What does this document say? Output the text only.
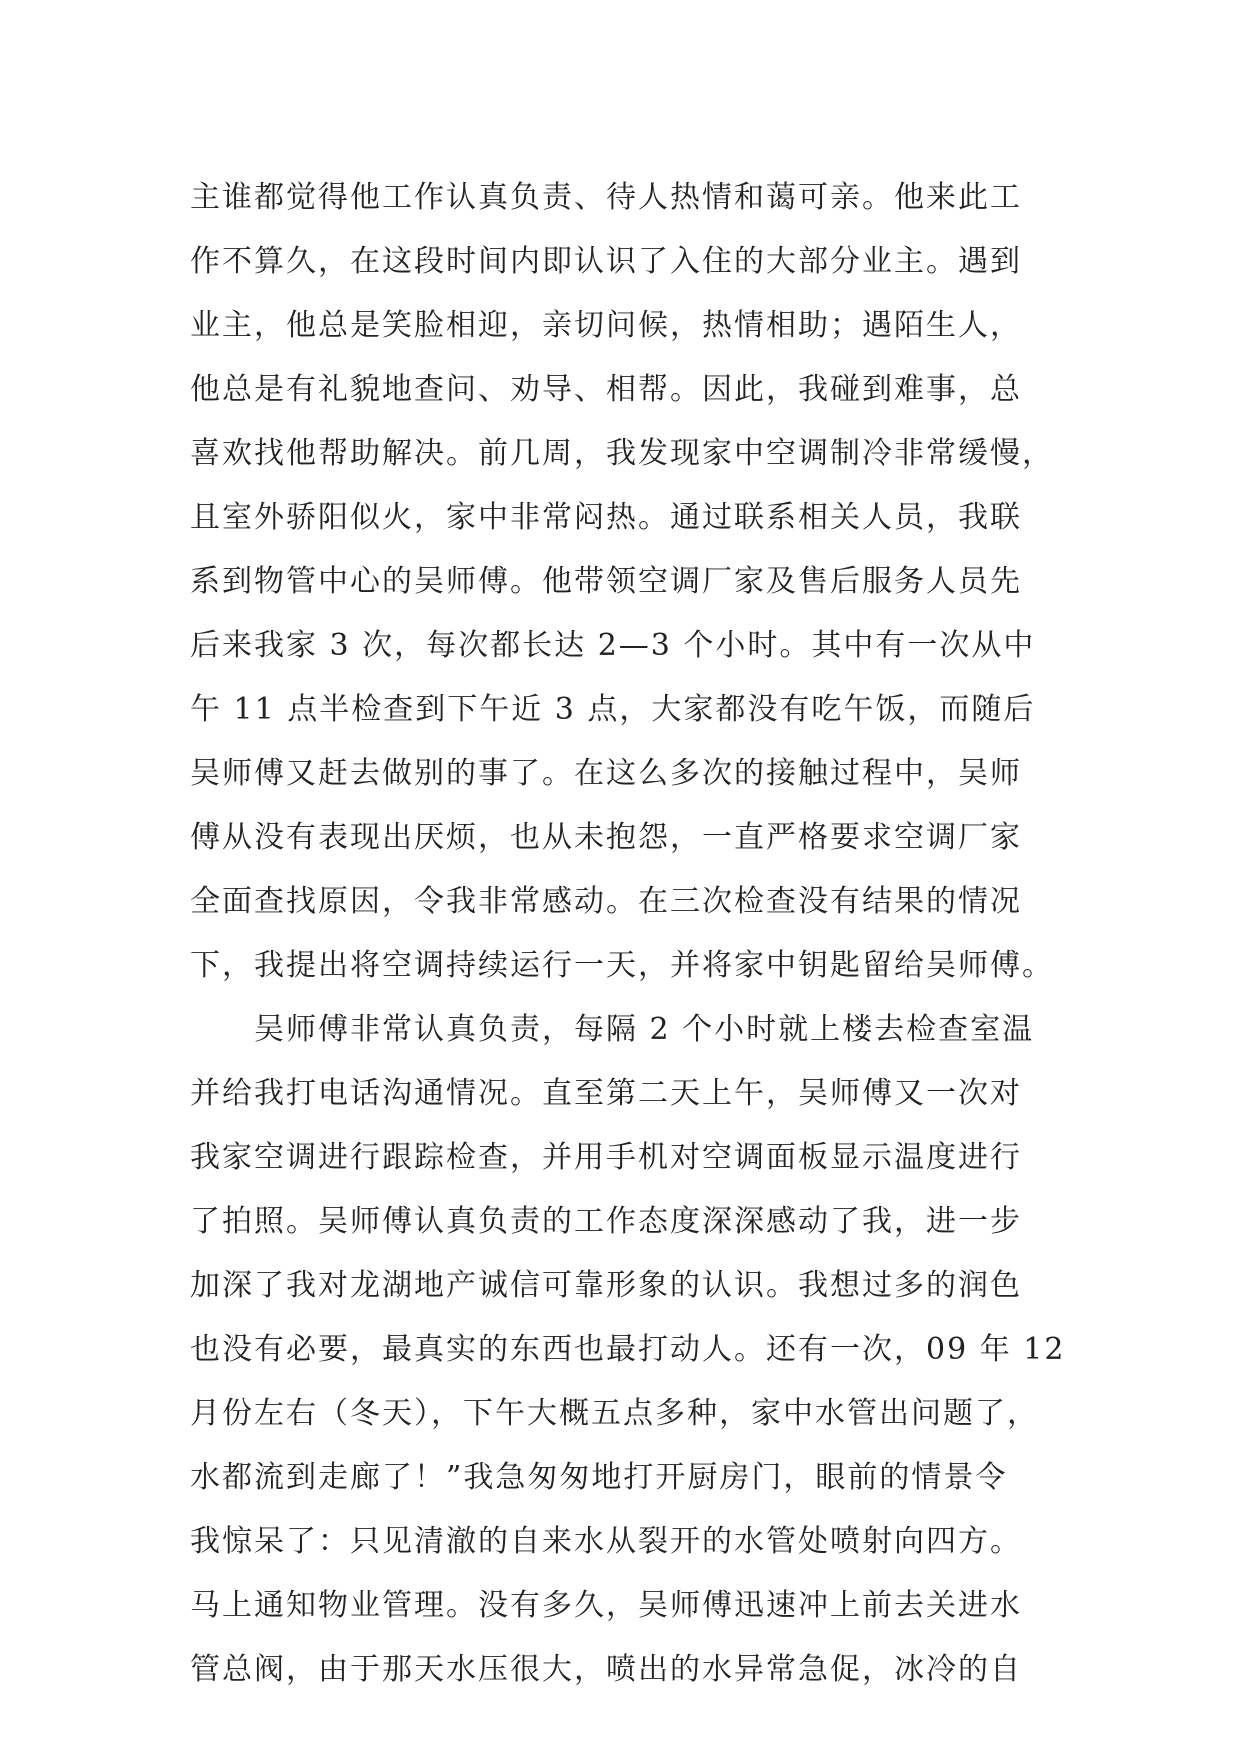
主谁都觉得他工作认真负责、待人热情和蔼可亲。他来此工
作不算久，在这段时间内即认识了入住的大部分业主。遇到
业主，他总是笑脸相迎，亲切问候，热情相助；遇陌生人，
他总是有礼貌地查问、劝导、相帮。因此，我碰到难事，总
喜欢找他帮助解决。前几周，我发现家中空调制冷非常缓慢，
且室外骄阳似火，家中非常闷热。通过联系相关人员，我联
系到物管中心的吴师傅。他带领空调厂家及售后服务人员先
后来我家 3 次，每次都长达 2—3 个小时。其中有一次从中
午 11 点半检查到下午近 3 点，大家都没有吃午饭，而随后
吴师傅又赶去做别的事了。在这么多次的接触过程中，吴师
傅从没有表现出厌烦，也从未抱怨，一直严格要求空调厂家
全面查找原因，令我非常感动。在三次检查没有结果的情况
下，我提出将空调持续运行一天，并将家中钥匙留给吴师傅。
　　吴师傅非常认真负责，每隔 2 个小时就上楼去检查室温
并给我打电话沟通情况。直至第二天上午，吴师傅又一次对
我家空调进行跟踪检查，并用手机对空调面板显示温度进行
了拍照。吴师傅认真负责的工作态度深深感动了我，进一步
加深了我对龙湖地产诚信可靠形象的认识。我想过多的润色
也没有必要，最真实的东西也最打动人。还有一次，09 年 12
月份左右（冬天），下午大概五点多种，家中水管出问题了，
水都流到走廊了！”我急匆匆地打开厨房门，眼前的情景令
我惊呆了：只见清澈的自来水从裂开的水管处喷射向四方。
马上通知物业管理。没有多久，吴师傅迅速冲上前去关进水
管总阀，由于那天水压很大，喷出的水异常急促，冰冷的自
